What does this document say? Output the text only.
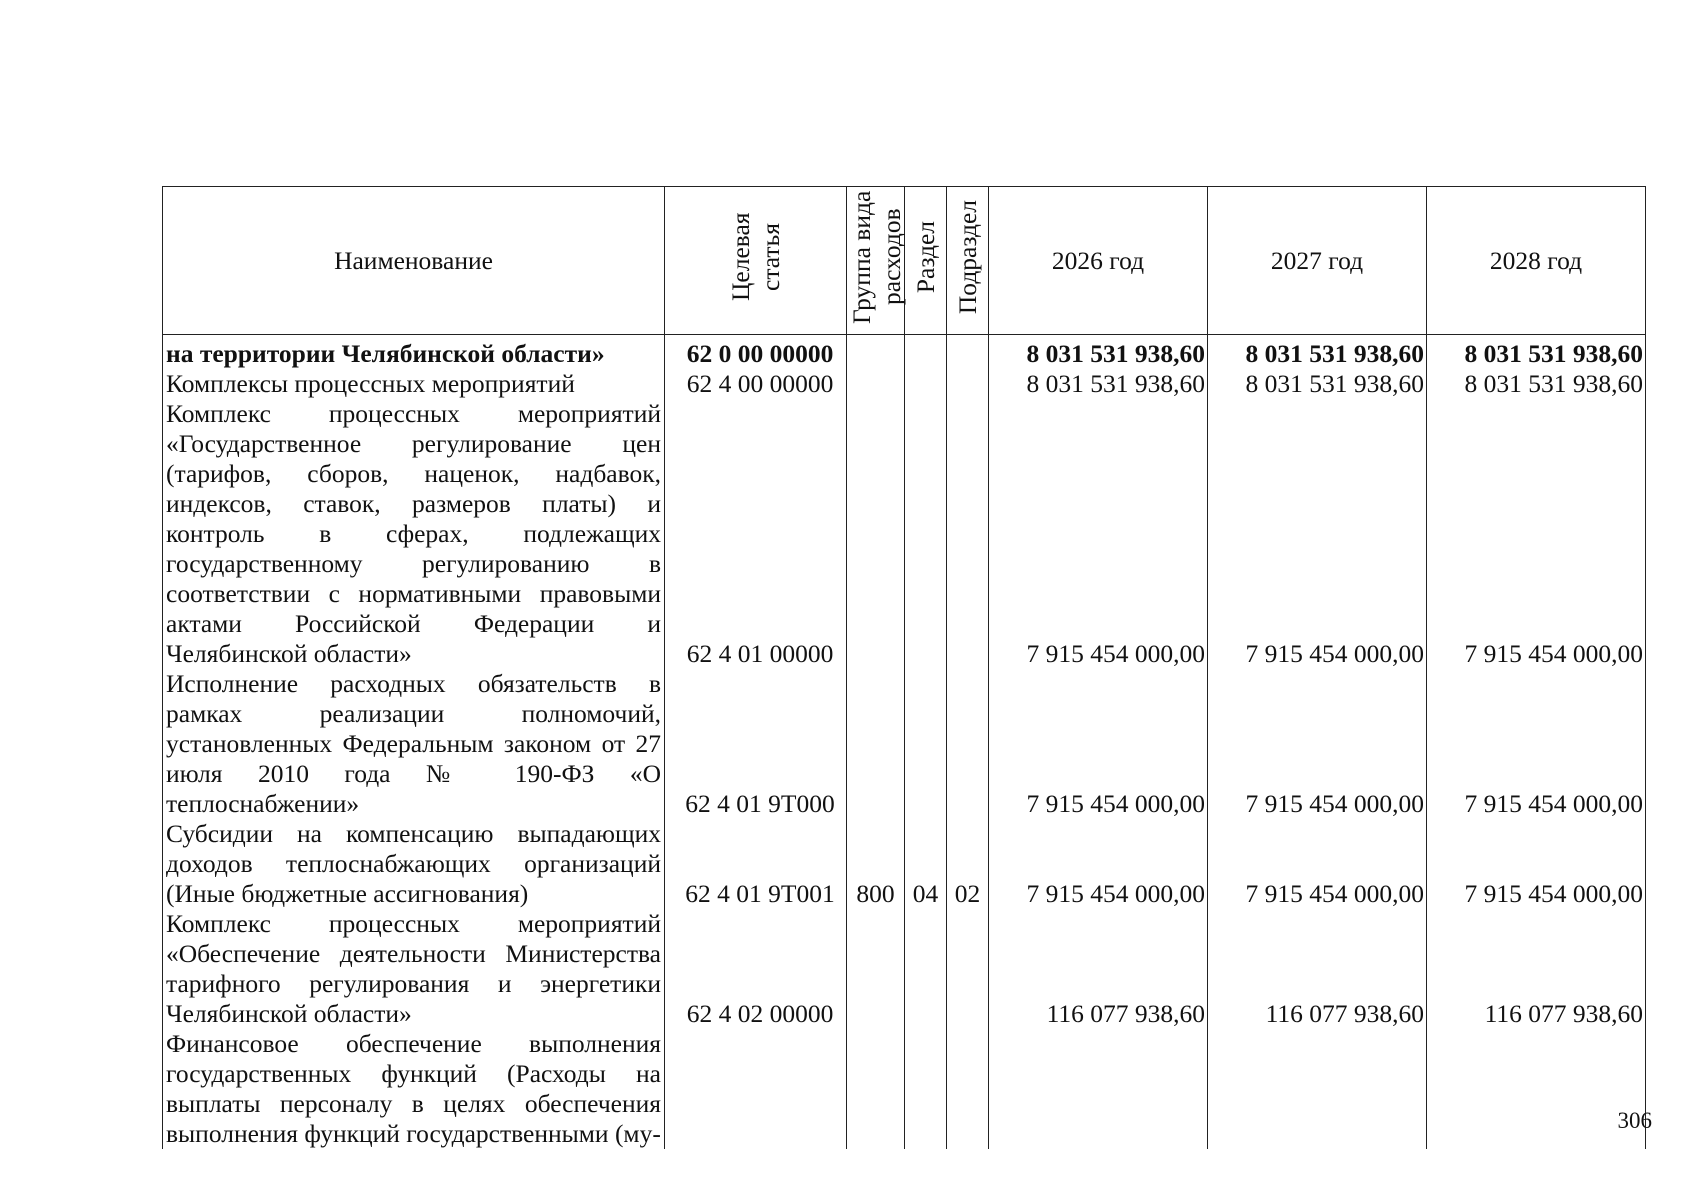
Наименование	Целевая статья	Группа вида расходов	Раздел	Подраздел	2026 год	2027 год	2028 год
на территории Челябинской области»	62 0 00 00000				8 031 531 938,60	8 031 531 938,60	8 031 531 938,60
Комплексы процессных мероприятий	62 4 00 00000				8 031 531 938,60	8 031 531 938,60	8 031 531 938,60
Комплекс процессных мероприятий «Государственное регулирование цен (тарифов, сборов, наценок, надбавок, индексов, ставок, размеров платы) и контроль в сферах, подлежащих государственному регулированию в соответствии с нормативными правовыми актами Российской Федерации и Челябинской области»	62 4 01 00000				7 915 454 000,00	7 915 454 000,00	7 915 454 000,00
Исполнение расходных обязательств в рамках реализации полномочий, установленных Федеральным законом от 27 июля 2010 года № 190-ФЗ «О теплоснабжении»	62 4 01 9Т000				7 915 454 000,00	7 915 454 000,00	7 915 454 000,00
Субсидии на компенсацию выпадающих доходов теплоснабжающих организаций (Иные бюджетные ассигнования)	62 4 01 9Т001	800	04	02	7 915 454 000,00	7 915 454 000,00	7 915 454 000,00
Комплекс процессных мероприятий «Обеспечение деятельности Министерства тарифного регулирования и энергетики Челябинской области»	62 4 02 00000				116 077 938,60	116 077 938,60	116 077 938,60
Финансовое обеспечение выполнения государственных функций (Расходы на выплаты персоналу в целях обеспечения выполнения функций государственными (му-								306
